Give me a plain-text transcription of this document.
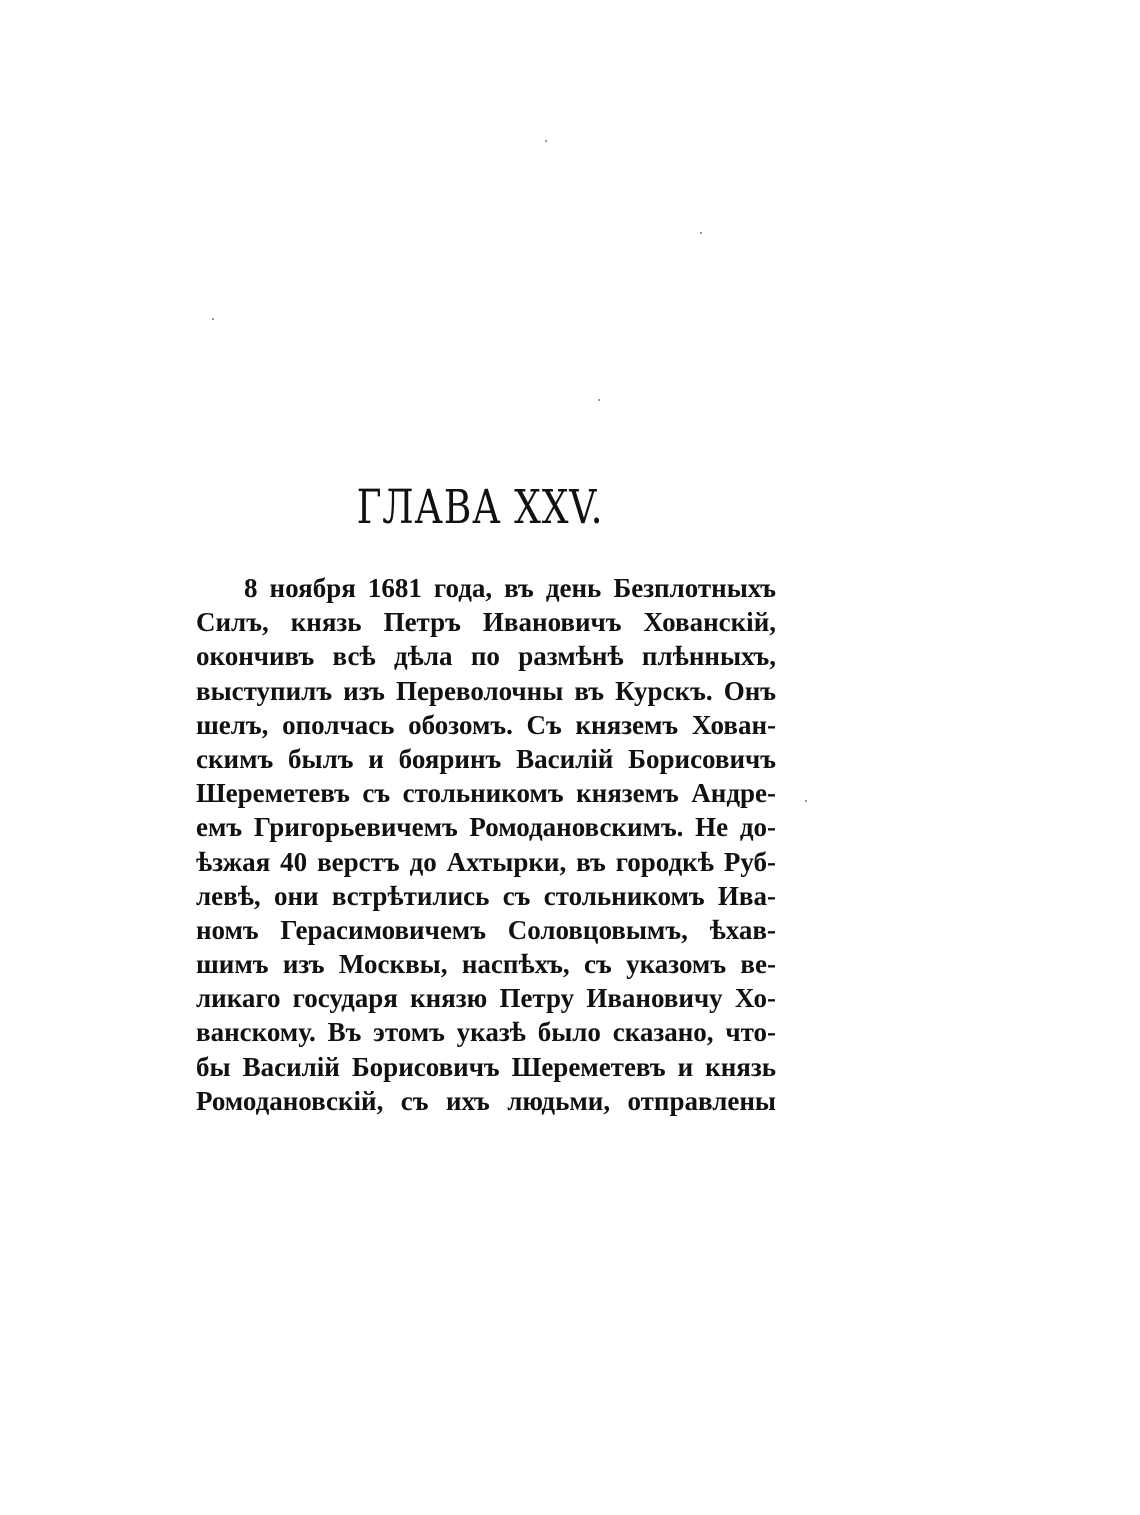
ГЛАВА XXV.
8 ноября 1681 года, въ день Безплотныхъ
Силъ, князь Петръ Ивановичъ Хованскій,
окончивъ всѣ дѣла по размѣнѣ плѣнныхъ,
выступилъ изъ Переволочны въ Курскъ. Онъ
шелъ, ополчась обозомъ. Съ княземъ Хован-
скимъ былъ и бояринъ Василій Борисовичъ
Шереметевъ съ стольникомъ княземъ Андре-
емъ Григорьевичемъ Ромодановскимъ. Не до-
ѣзжая 40 верстъ до Ахтырки, въ городкѣ Руб-
левѣ, они встрѣтились съ стольникомъ Ива-
номъ Герасимовичемъ Соловцовымъ, ѣхав-
шимъ изъ Москвы, наспѣхъ, съ указомъ ве-
ликаго государя князю Петру Ивановичу Хо-
ванскому. Въ этомъ указѣ было сказано, что-
бы Василій Борисовичъ Шереметевъ и князь
Ромодановскій, съ ихъ людьми, отправлены
